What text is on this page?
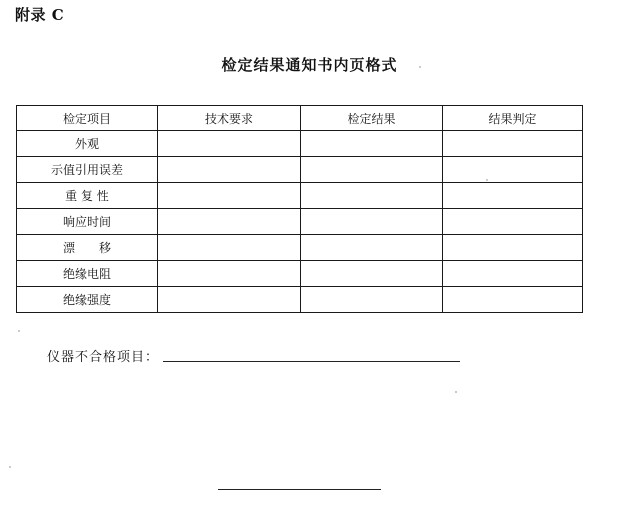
附录 C
检定结果通知书内页格式
检定项目	技术要求	检定结果	结果判定
外观			
示值引用误差			
重 复 性			
响应时间			
漂　　移			
绝缘电阻			
绝缘强度			
仪器不合格项目：
